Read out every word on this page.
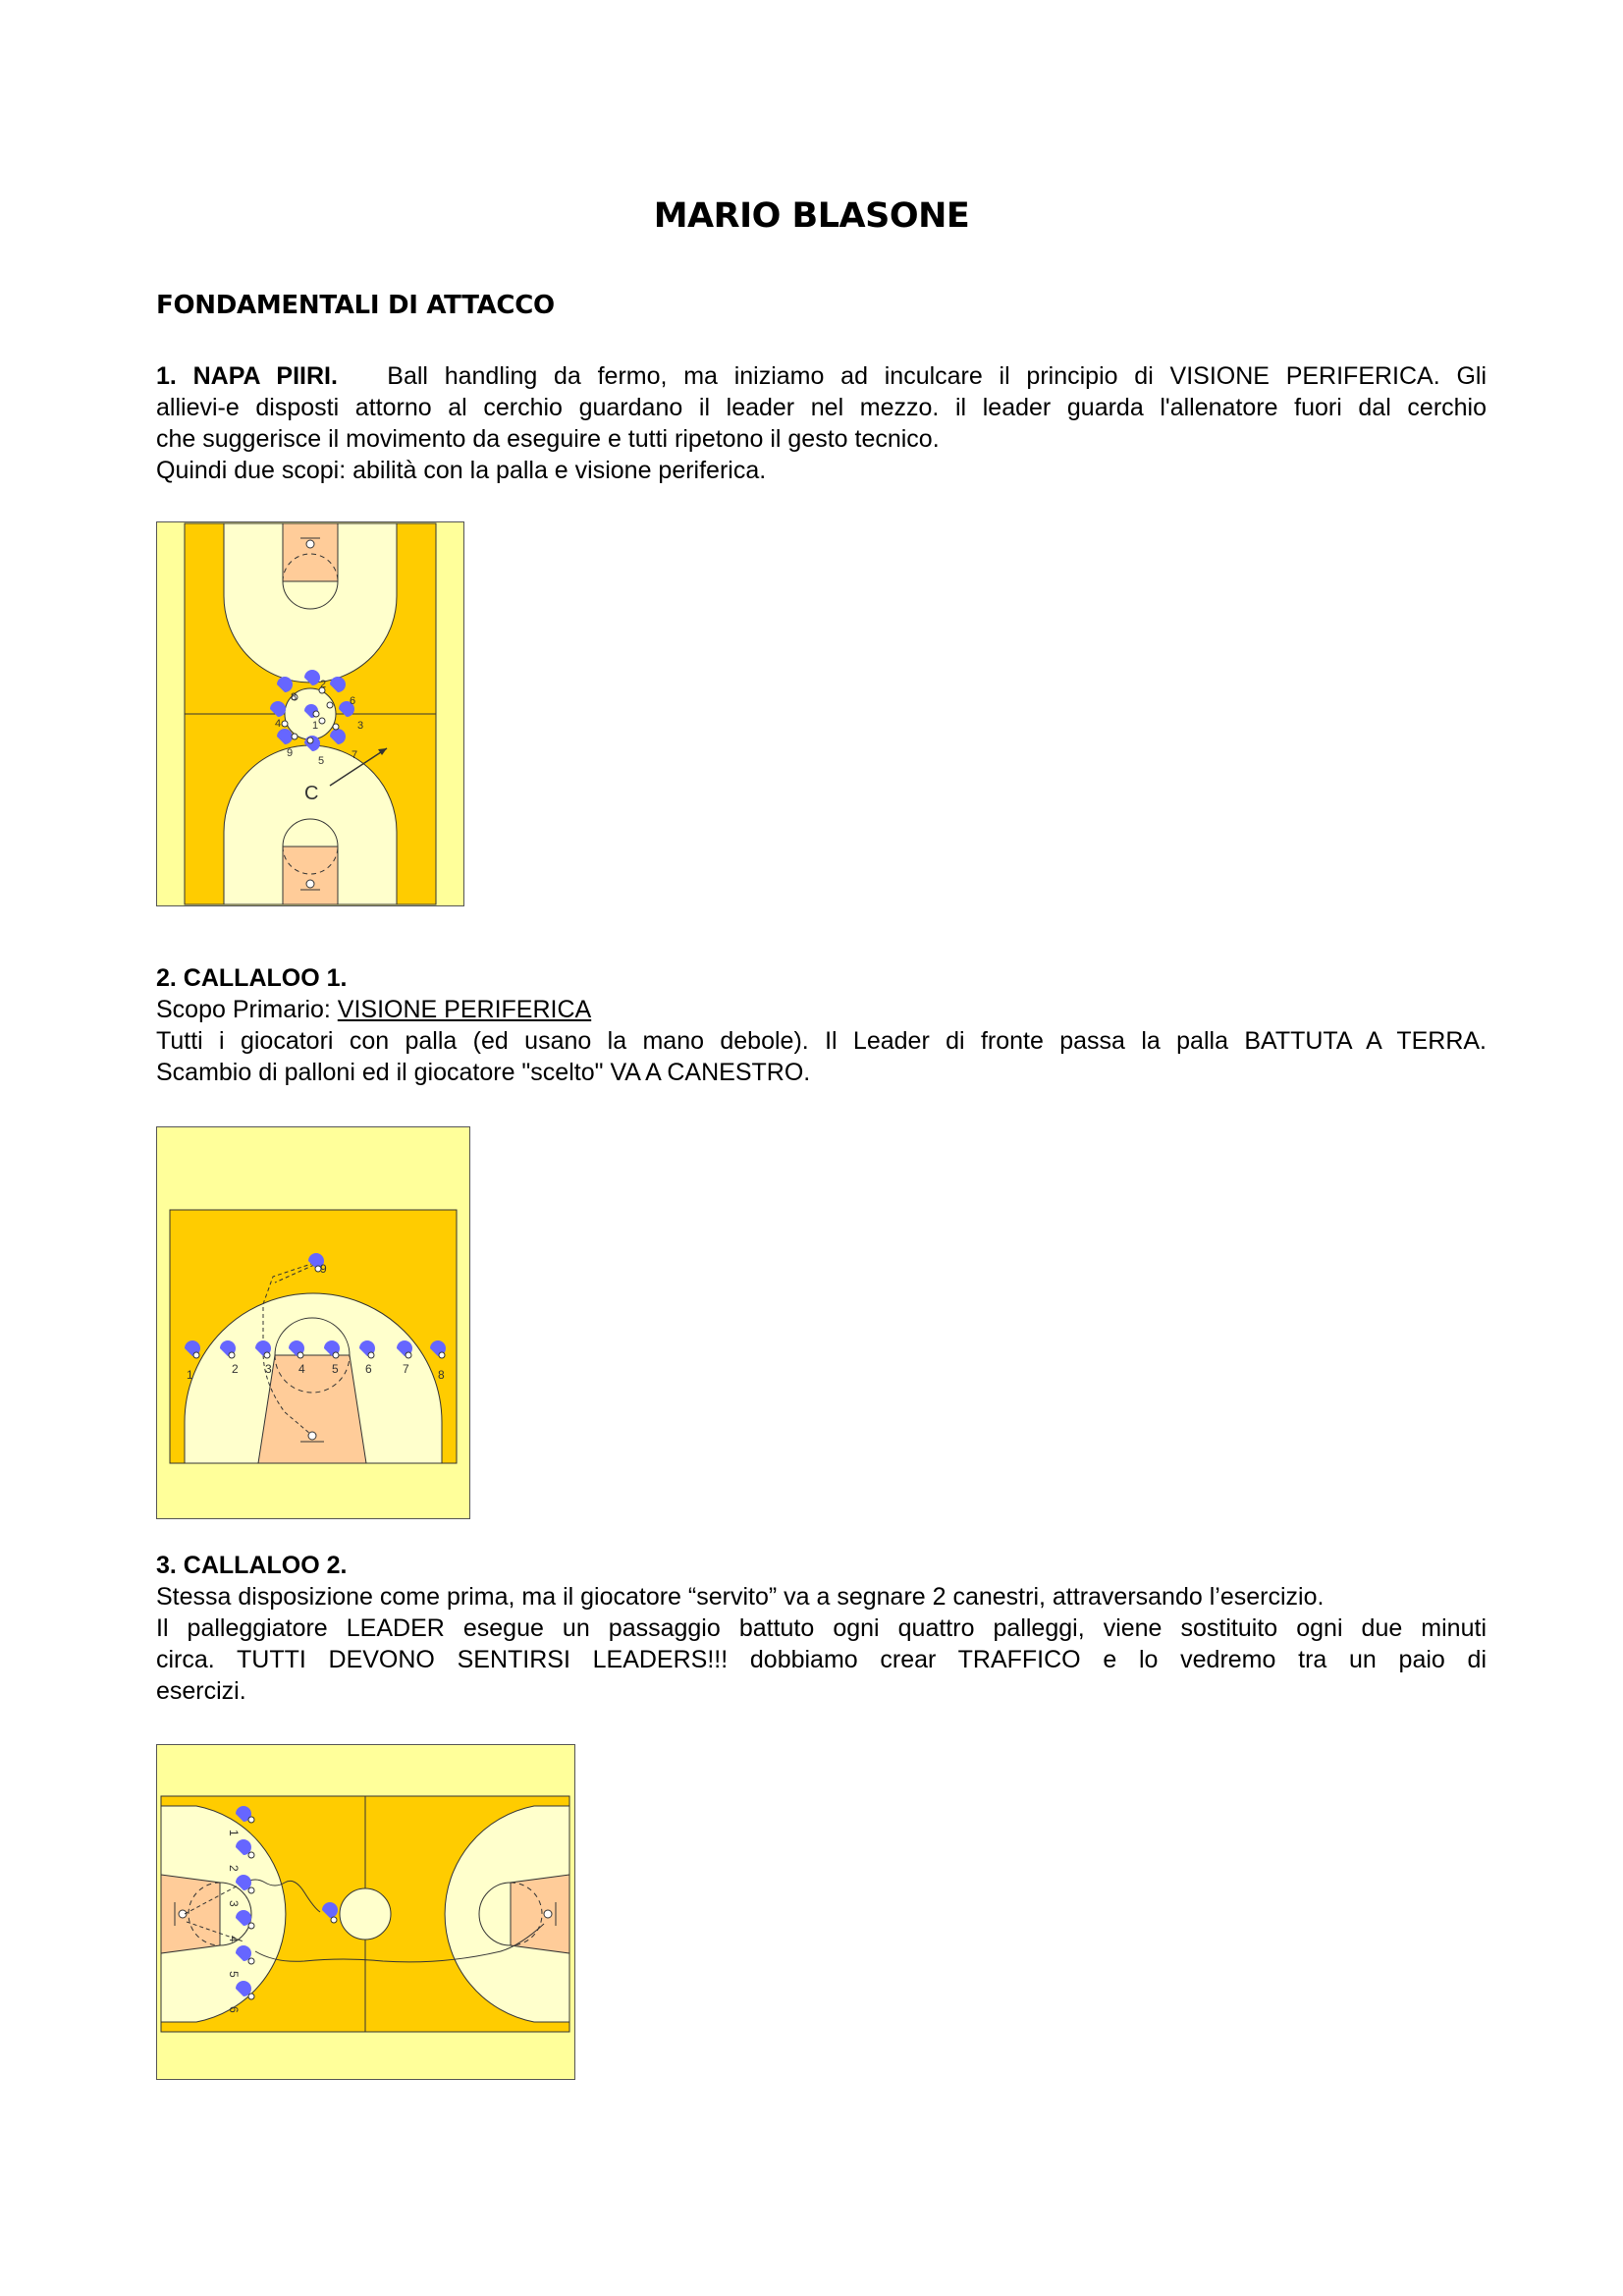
MARIO BLASONE
FONDAMENTALI DI ATTACCO
1. NAPA PIIRI. Ball handling da fermo, ma iniziamo ad inculcare il principio di VISIONE PERIFERICA. Gli
allievi-e disposti attorno al cerchio guardano il leader nel mezzo. il leader guarda l'allenatore fuori dal cerchio
che suggerisce il movimento da eseguire e tutti ripetono il gesto tecnico.
Quindi due scopi: abilità con la palla e visione periferica.
1
2
3
4
5
6
7
8
9
C
2. CALLALOO 1.
Scopo Primario: VISIONE PERIFERICA
Tutti i giocatori con palla (ed usano la mano debole). Il Leader di fronte passa la palla BATTUTA A TERRA.
Scambio di palloni ed il giocatore "scelto" VA A CANESTRO.
1	2 3 4 5 6	7 8
9
3. CALLALOO 2.
Stessa disposizione come prima, ma il giocatore “servito” va a segnare 2 canestri, attraversando l’esercizio.
Il palleggiatore LEADER esegue un passaggio battuto ogni quattro palleggi, viene sostituito ogni due minuti
circa. TUTTI DEVONO SENTIRSI LEADERS!!! dobbiamo crear TRAFFICO e lo vedremo tra un paio di
esercizi.
1
2
3
4
5
6
